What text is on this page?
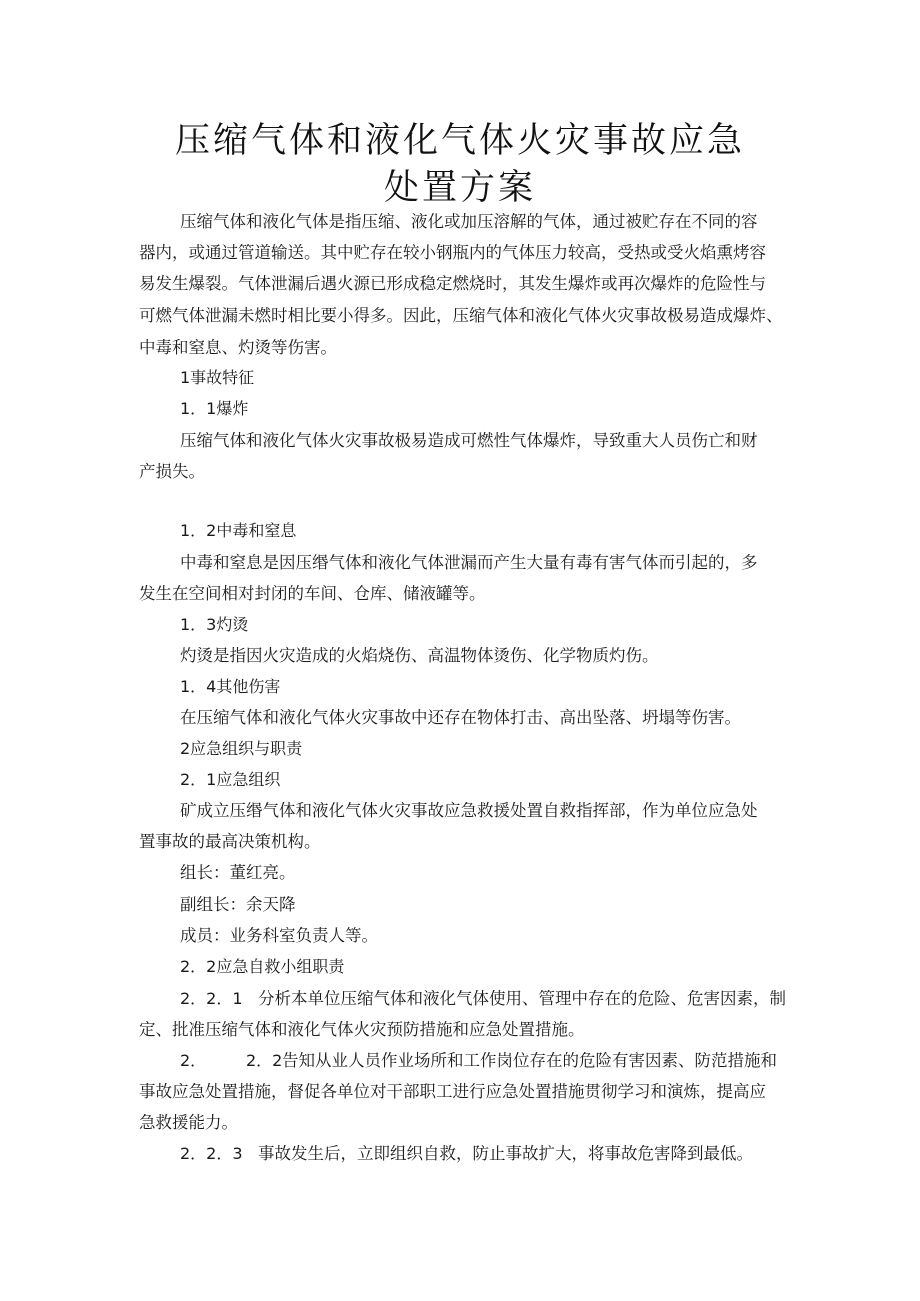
压缩气体和液化气体火灾事故应急
处置方案
压缩气体和液化气体是指压缩、液化或加压溶解的气体，通过被贮存在不同的容
器内，或通过管道输送。其中贮存在较小钢瓶内的气体压力较高，受热或受火焰熏烤容
易发生爆裂。气体泄漏后遇火源已形成稳定燃烧时，其发生爆炸或再次爆炸的危险性与
可燃气体泄漏未燃时相比要小得多。因此，压缩气体和液化气体火灾事故极易造成爆炸、
中毒和窒息、灼烫等伤害。
1事故特征
1．1爆炸
压缩气体和液化气体火灾事故极易造成可燃性气体爆炸，导致重大人员伤亡和财
产损失。
1．2中毒和窒息
中毒和窒息是因压缗气体和液化气体泄漏而产生大量有毒有害气体而引起的，多
发生在空间相对封闭的车间、仓库、储液罐等。
1．3灼烫
灼烫是指因火灾造成的火焰烧伤、高温物体烫伤、化学物质灼伤。
1．4其他伤害
在压缩气体和液化气体火灾事故中还存在物体打击、高出坠落、坍塌等伤害。
2应急组织与职责
2．1应急组织
矿成立压缗气体和液化气体火灾事故应急救援处置自救指挥部，作为单位应急处
置事故的最高决策机构。
组长：董红亮。
副组长：余天降
成员：业务科室负责人等。
2．2应急自救小组职责
2．2．1 分析本单位压缩气体和液化气体使用、管理中存在的危险、危害因素，制
定、批准压缩气体和液化气体火灾预防措施和应急处置措施。
2． 2．2 告知从业人员作业场所和工作岗位存在的危险有害因素、防范措施和
事故应急处置措施，督促各单位对干部职工进行应急处置措施贯彻学习和演炼，提高应
急救援能力。
2．2．3 事故发生后，立即组织自救，防止事故扩大，将事故危害降到最低。
